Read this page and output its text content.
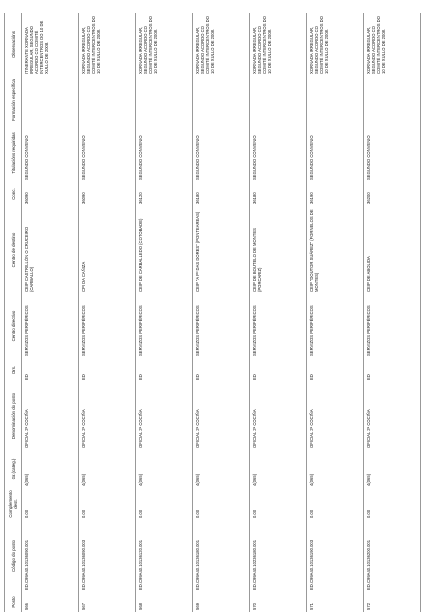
Posto	Código do posto	Complemento dest.	Gr.(categ.)	Denominación do posto	Ors.	Centro directivo	Centro de destino	Conc.	Titulacións requiridas	Formación específica	Observacións
566	ED.C99A40.10136090.001	0.00	4(065)	OFICIAL 2ª COCIÑA	ED	SERVIZOS PERIFÉRICOS	CEIP CASTRILLÓN O CRUCEIRO (CARBALLO)	36090	SEGUNDO CONVENIO		ITINERANTE XORNADA IRREGULAR, SEGUNDO ACORDO CO COMITÉ INTERCENTROS DO 10 DE XULLO DE 2008.
567	ED.C99A40.10136090.003	0.00	4(065)	OFICIAL 2ª COCIÑA	ED	SERVIZOS PERIFÉRICOS	CPI DA CAÑIZA	36090	SEGUNDO CONVENIO		XORNADA IRREGULAR, SEGUNDO ACORDO CO COMITÉ INTERCENTROS DO 10 DE XULLO DE 2008.
568	ED.C99A40.10136120.001	0.00	4(065)	OFICIAL 2ª COCIÑA	ED	SERVIZOS PERIFÉRICOS	CEIP DE CARBALLEDO (COTOBADE)	36120	SEGUNDO CONVENIO		XORNADA IRREGULAR, SEGUNDO ACORDO CO COMITÉ INTERCENTROS DO 10 DE XULLO DE 2008.
569	ED.C99A40.10136180.001	0.00	4(065)	OFICIAL 2ª COCIÑA	ED	SERVIZOS PERIFÉRICOS	CEIP "A Pº DAS DORES" (PONTEAREAS)	36180	SEGUNDO CONVENIO		XORNADA IRREGULAR, SEGUNDO ACORDO CO COMITÉ INTERCENTROS DO 10 DE XULLO DE 2008.
570	ED.C99A40.10236180.001	0.00	4(065)	OFICIAL 2ª COCIÑA	ED	SERVIZOS PERIFÉRICOS	CEIP DE BOUTELO DE MONTES (PORCARIZ)	36180	SEGUNDO CONVENIO		XORNADA IRREGULAR, SEGUNDO ACORDO CO COMITÉ INTERCENTROS DO 10 DE XULLO DE 2008.
571	ED.C99A40.10136190.003	0.00	4(065)	OFICIAL 2ª COCIÑA	ED	SERVIZOS PERIFÉRICOS	CEIP "DOUTOR SUÁREZ" (FORNELOS DE MONTES)	36190	SEGUNDO CONVENIO		XORNADA IRREGULAR, SEGUNDO ACORDO CO COMITÉ INTERCENTROS DO 10 DE XULLO DE 2008.
572	ED.C99A40.10136200.001	0.00	4(065)	OFICIAL 2ª COCIÑA	ED	SERVIZOS PERIFÉRICOS	CEIP DE ABOLIDA	36200	SEGUNDO CONVENIO		XORNADA IRREGULAR, SEGUNDO ACORDO CO COMITÉ INTERCENTROS DO 10 DE XULLO DE 2008.
